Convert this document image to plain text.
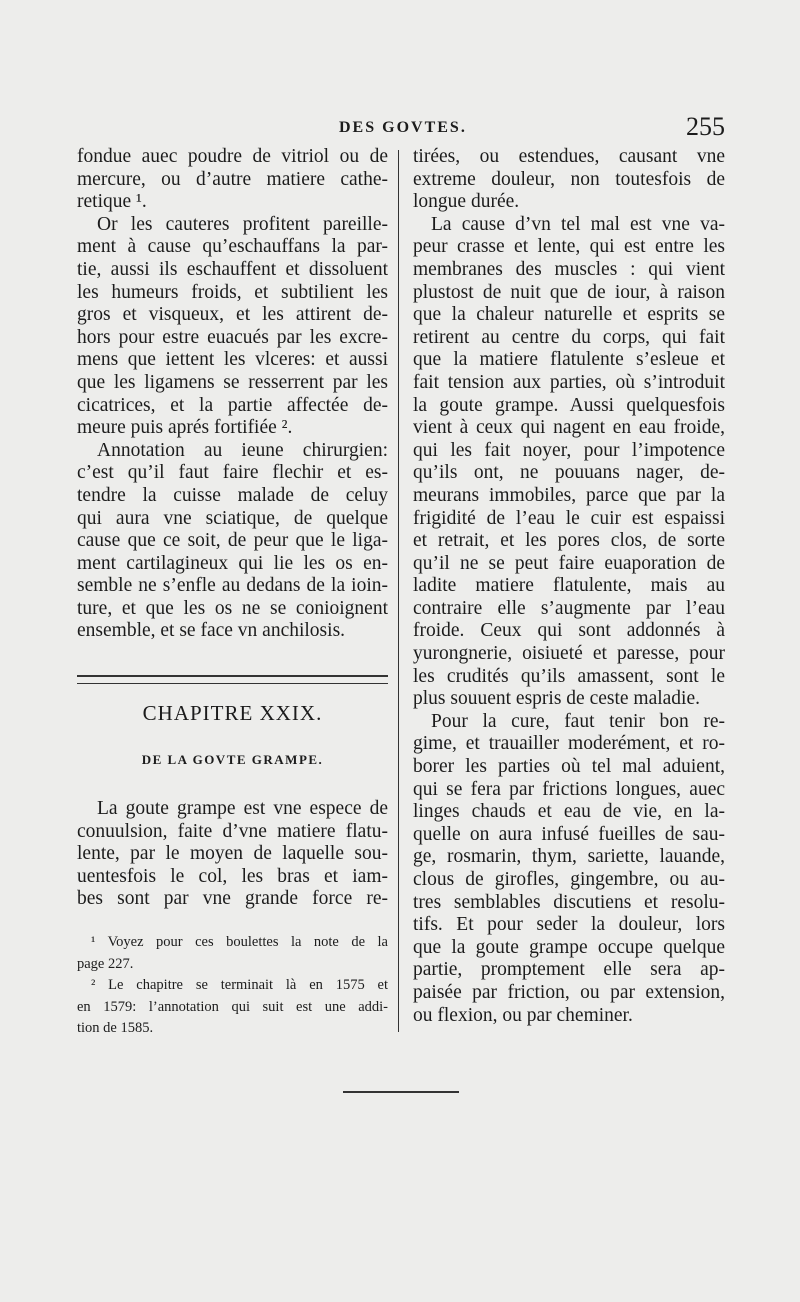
DES GOVTES.	255
fondue auec poudre de vitriol ou de
mercure, ou d’autre matiere cathe-
retique ¹.
Or les cauteres profitent pareille-
ment à cause qu’eschauffans la par-
tie, aussi ils eschauffent et dissoluent
les humeurs froids, et subtilient les
gros et visqueux, et les attirent de-
hors pour estre euacués par les excre-
mens que iettent les vlceres: et aussi
que les ligamens se resserrent par les
cicatrices, et la partie affectée de-
meure puis aprés fortifiée ².
Annotation au ieune chirurgien:
c’est qu’il faut faire flechir et es-
tendre la cuisse malade de celuy
qui aura vne sciatique, de quelque
cause que ce soit, de peur que le liga-
ment cartilagineux qui lie les os en-
semble ne s’enfle au dedans de la ioin-
ture, et que les os ne se conioignent
ensemble, et se face vn anchilosis.
CHAPITRE XXIX.
DE LA GOVTE GRAMPE.
La goute grampe est vne espece de
conuulsion, faite d’vne matiere flatu-
lente, par le moyen de laquelle sou-
uentesfois le col, les bras et iam-
bes sont par vne grande force re-
¹ Voyez pour ces boulettes la note de la
page 227.
² Le chapitre se terminait là en 1575 et
en 1579: l’annotation qui suit est une addi-
tion de 1585.
tirées, ou estendues, causant vne
extreme douleur, non toutesfois de
longue durée.
La cause d’vn tel mal est vne va-
peur crasse et lente, qui est entre les
membranes des muscles : qui vient
plustost de nuit que de iour, à raison
que la chaleur naturelle et esprits se
retirent au centre du corps, qui fait
que la matiere flatulente s’esleue et
fait tension aux parties, où s’introduit
la goute grampe. Aussi quelquesfois
vient à ceux qui nagent en eau froide,
qui les fait noyer, pour l’impotence
qu’ils ont, ne pouuans nager, de-
meurans immobiles, parce que par la
frigidité de l’eau le cuir est espaissi
et retrait, et les pores clos, de sorte
qu’il ne se peut faire euaporation de
ladite matiere flatulente, mais au
contraire elle s’augmente par l’eau
froide. Ceux qui sont addonnés à
yurongnerie, oisiueté et paresse, pour
les crudités qu’ils amassent, sont le
plus souuent espris de ceste maladie.
Pour la cure, faut tenir bon re-
gime, et trauailler moderément, et ro-
borer les parties où tel mal aduient,
qui se fera par frictions longues, auec
linges chauds et eau de vie, en la-
quelle on aura infusé fueilles de sau-
ge, rosmarin, thym, sariette, lauande,
clous de girofles, gingembre, ou au-
tres semblables discutiens et resolu-
tifs. Et pour seder la douleur, lors
que la goute grampe occupe quelque
partie, promptement elle sera ap-
paisée par friction, ou par extension,
ou flexion, ou par cheminer.
